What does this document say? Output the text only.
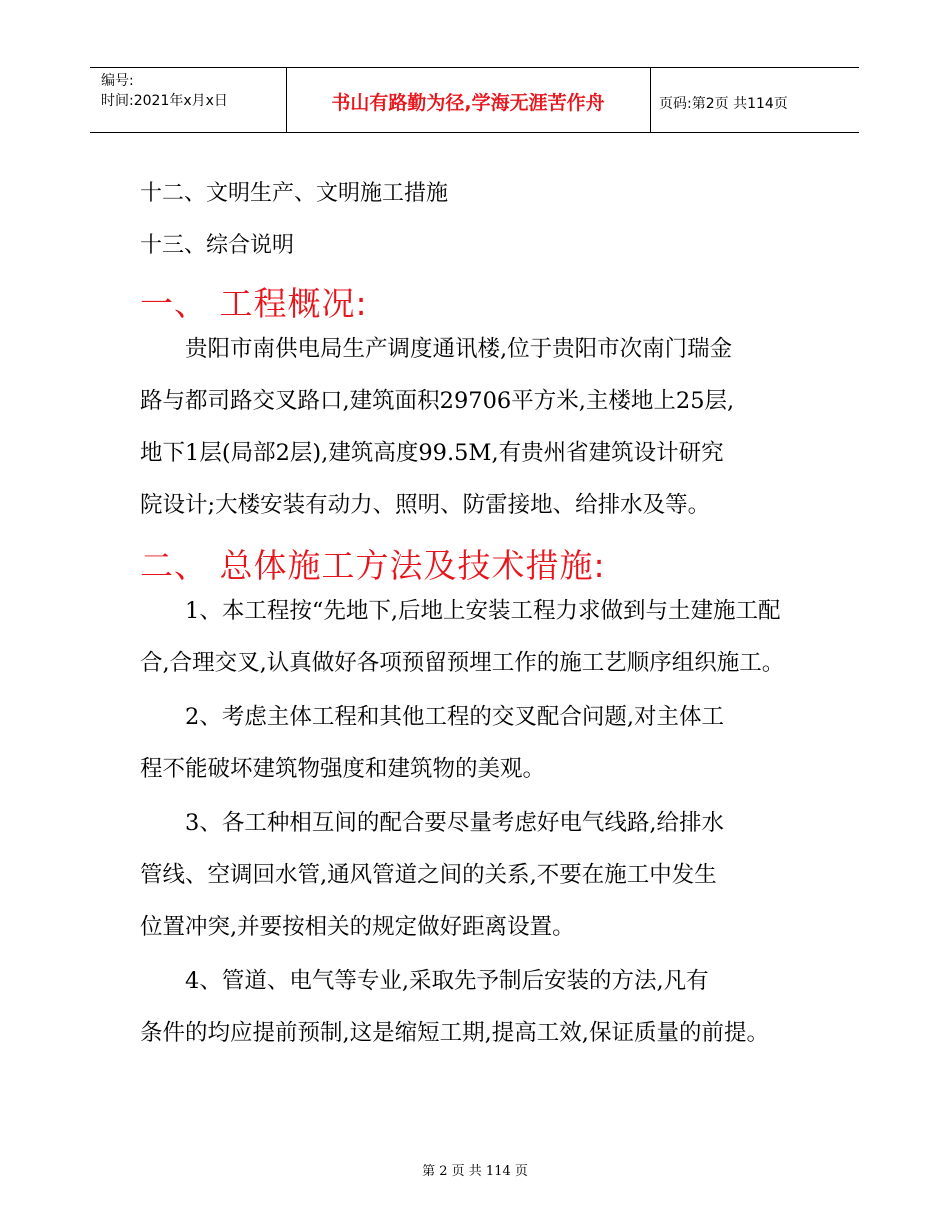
编号:
时间:2021年x月x日	书山有路勤为径,学海无涯苦作舟	页码:第2页 共114页
十二、文明生产、文明施工措施
十三、综合说明
一、 工程概况:
贵阳市南供电局生产调度通讯楼,位于贵阳市次南门瑞金
路与都司路交叉路口,建筑面积29706平方米,主楼地上25层,
地下1层(局部2层),建筑高度99.5M,有贵州省建筑设计研究
院设计;大楼安装有动力、照明、防雷接地、给排水及等。
二、 总体施工方法及技术措施:
1、本工程按“先地下,后地上安装工程力求做到与土建施工配
合,合理交叉,认真做好各项预留预埋工作的施工艺顺序组织施工。
2、考虑主体工程和其他工程的交叉配合问题,对主体工
程不能破坏建筑物强度和建筑物的美观。
3、各工种相互间的配合要尽量考虑好电气线路,给排水
管线、空调回水管,通风管道之间的关系,不要在施工中发生
位置冲突,并要按相关的规定做好距离设置。
4、管道、电气等专业,采取先予制后安装的方法,凡有
条件的均应提前预制,这是缩短工期,提高工效,保证质量的前提。
第 2 页 共 114 页
